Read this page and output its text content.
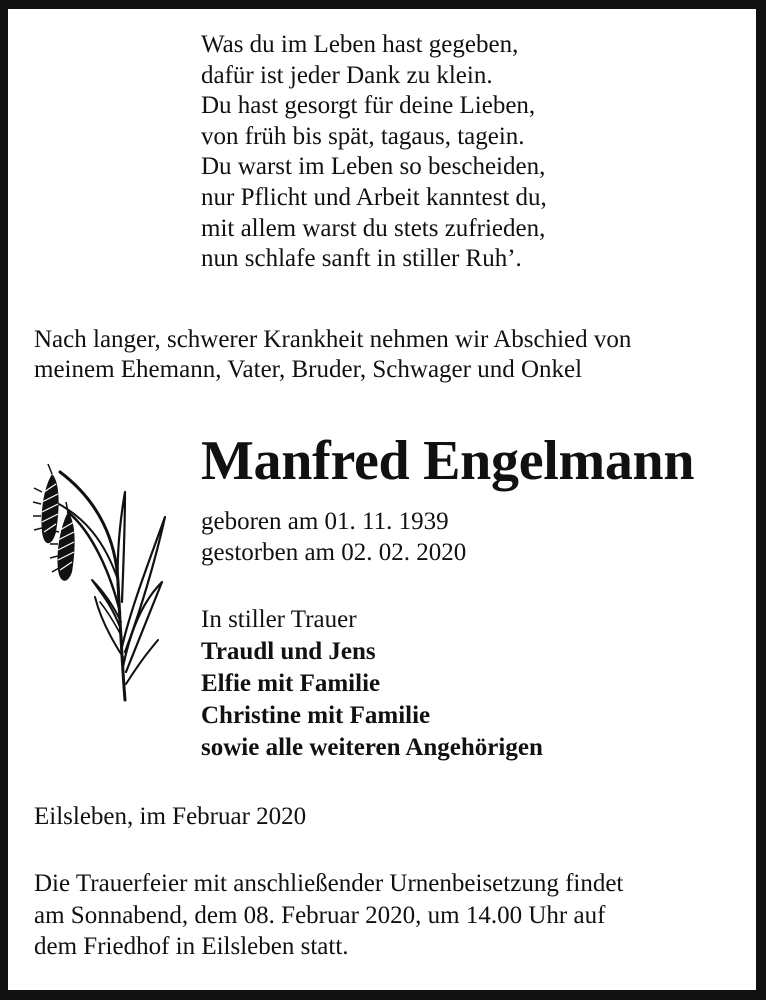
Was du im Leben hast gegeben,
dafür ist jeder Dank zu klein.
Du hast gesorgt für deine Lieben,
von früh bis spät, tagaus, tagein.
Du warst im Leben so bescheiden,
nur Pflicht und Arbeit kanntest du,
mit allem warst du stets zufrieden,
nun schlafe sanft in stiller Ruh’.
Nach langer, schwerer Krankheit nehmen wir Abschied von
meinem Ehemann, Vater, Bruder, Schwager und Onkel
Manfred Engelmann
geboren am 01. 11. 1939
gestorben am 02. 02. 2020
In stiller Trauer
Traudl und Jens
Elfie mit Familie
Christine mit Familie
sowie alle weiteren Angehörigen
Eilsleben, im Februar 2020
Die Trauerfeier mit anschließender Urnenbeisetzung findet
am Sonnabend, dem 08. Februar 2020, um 14.00 Uhr auf
dem Friedhof in Eilsleben statt.
